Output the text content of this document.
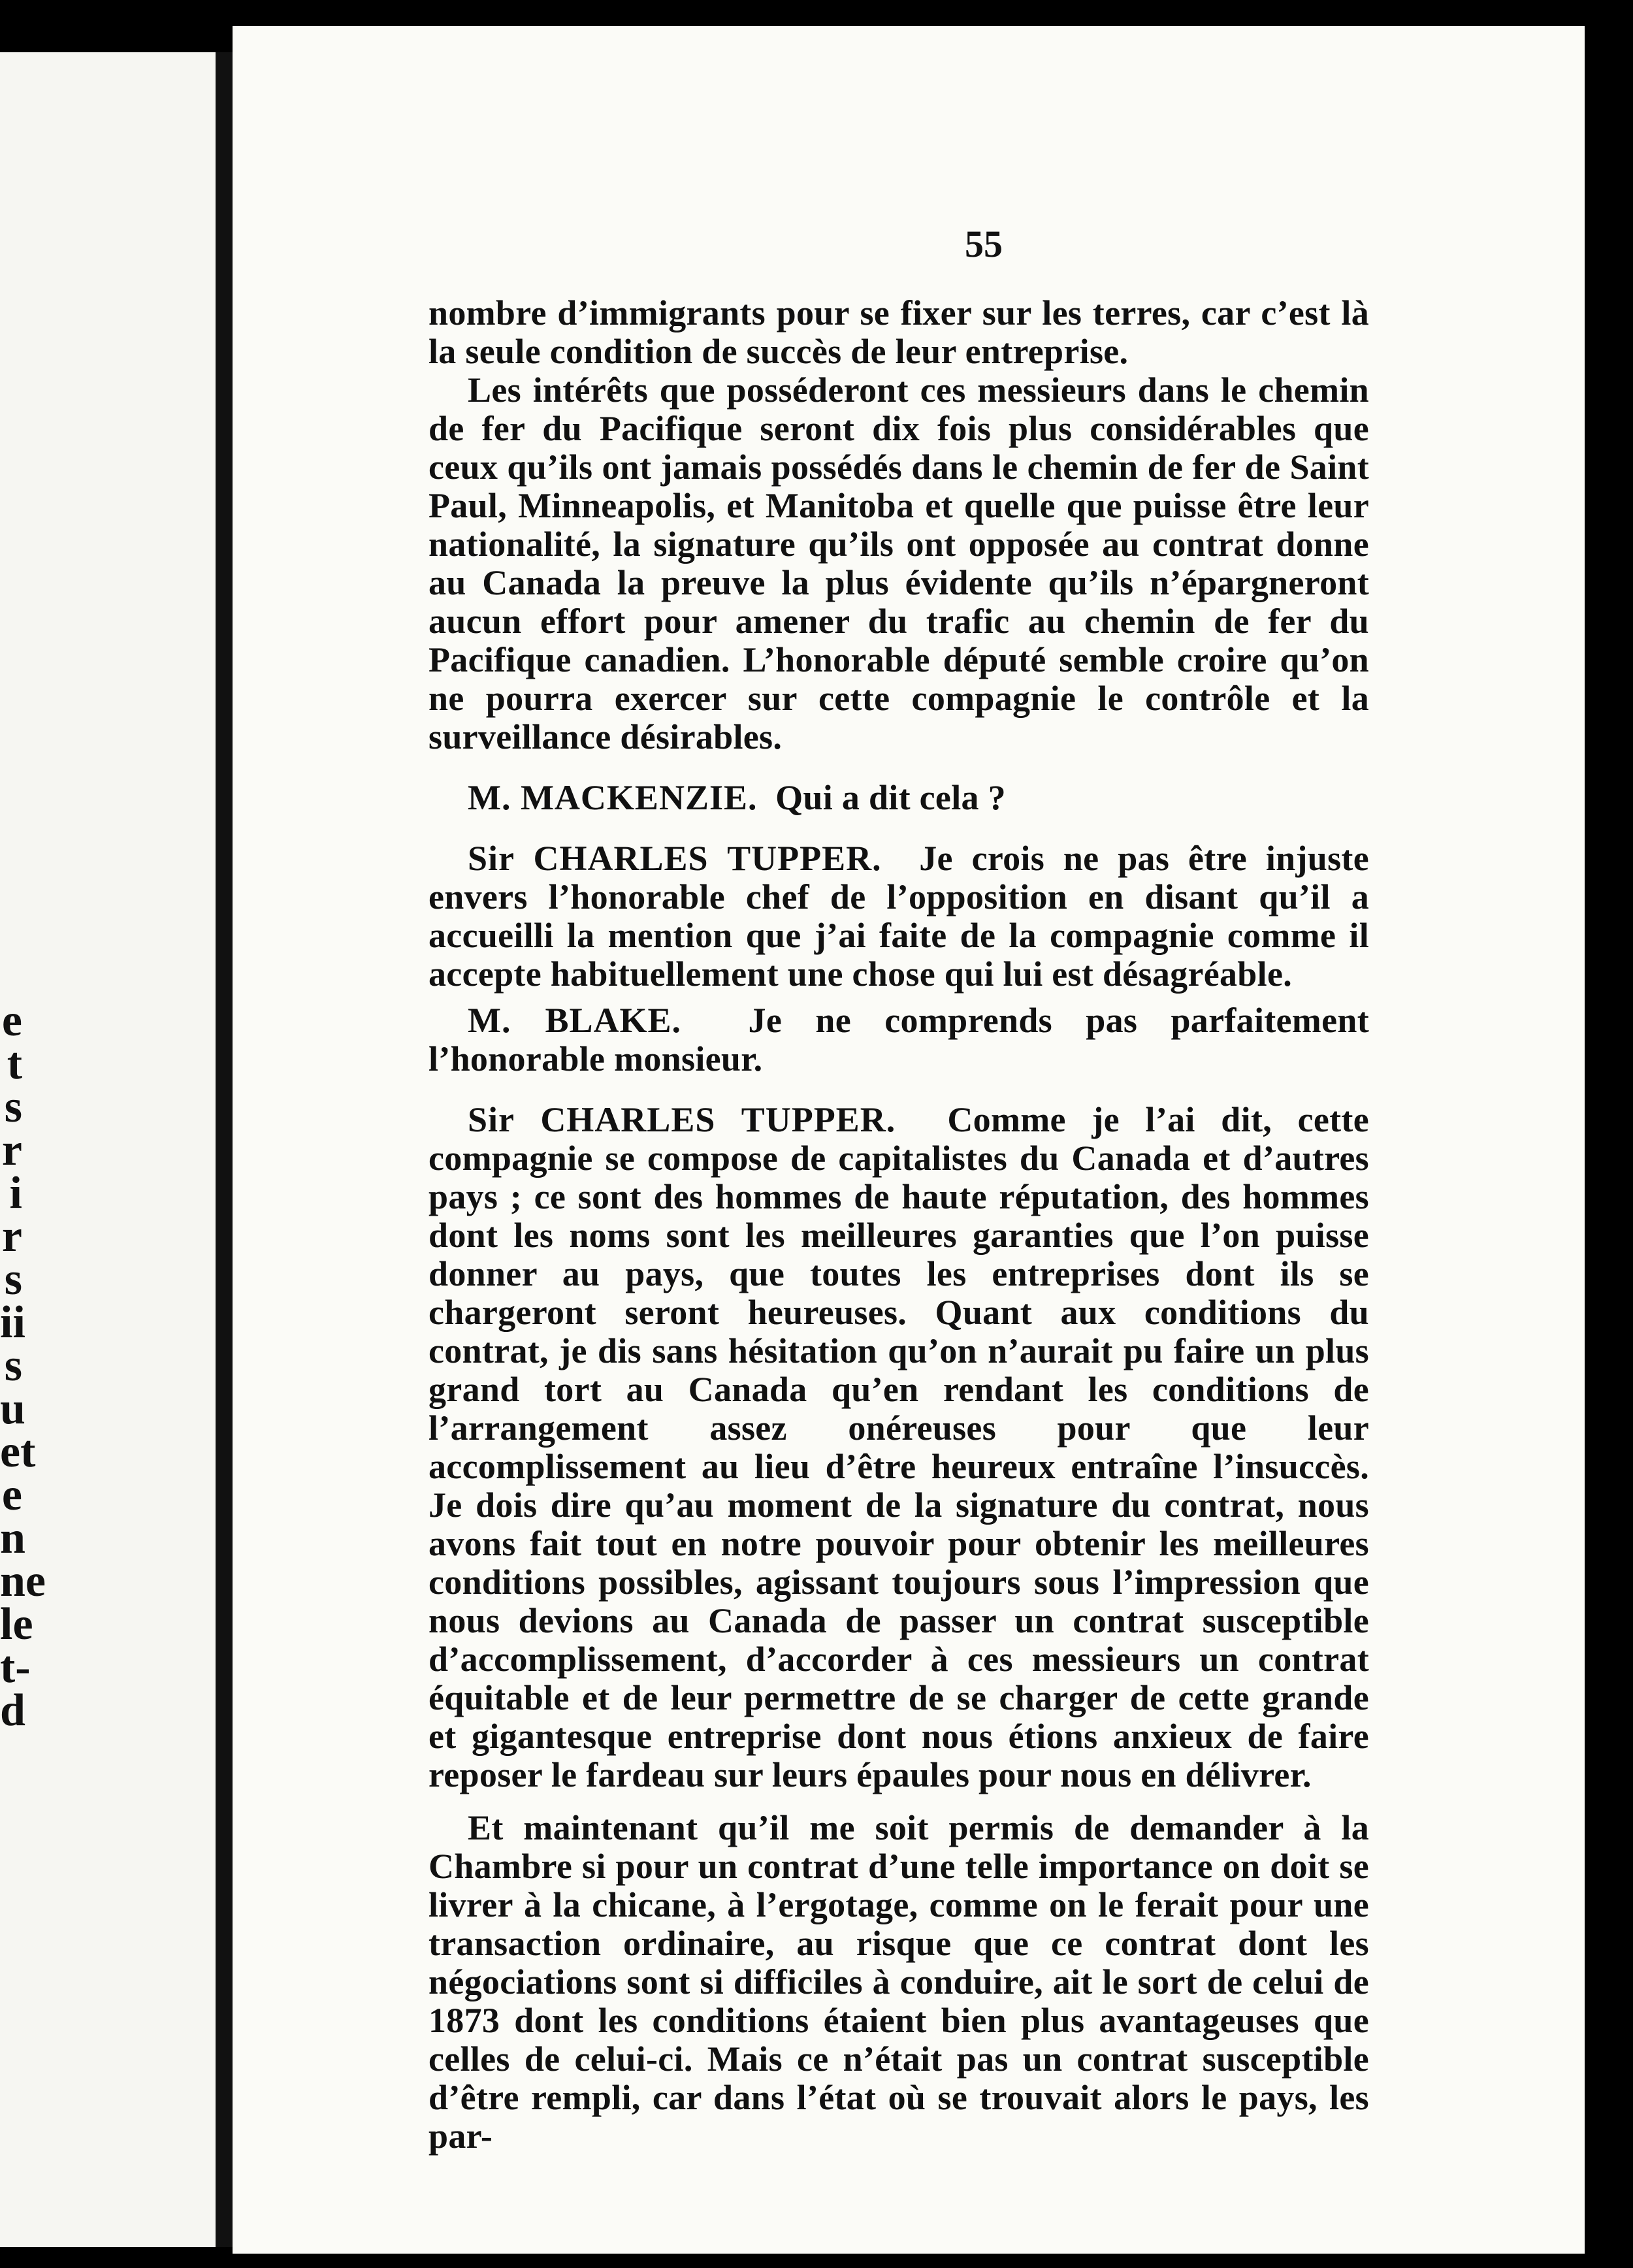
e
t
s
r
i
r
s
ii
s
u
et
e
n
ne
le
t-
d
55

nombre d’immigrants pour se fixer sur les terres, car c’est là la seule condition de succès de leur entreprise.

Les intérêts que posséderont ces messieurs dans le chemin de fer du Pacifique seront dix fois plus considérables que ceux qu’ils ont jamais possédés dans le chemin de fer de Saint Paul, Minneapolis, et Manitoba et quelle que puisse être leur nationalité, la signature qu’ils ont opposée au contrat donne au Canada la preuve la plus évidente qu’ils n’épargneront aucun effort pour amener du trafic au chemin de fer du Pacifique canadien. L’honorable député semble croire qu’on ne pourra exercer sur cette compagnie le contrôle et la surveillance désirables.

M. MACKENZIE. Qui a dit cela ?

Sir CHARLES TUPPER. Je crois ne pas être injuste envers l’honorable chef de l’opposition en disant qu’il a accueilli la mention que j’ai faite de la compagnie comme il accepte habituellement une chose qui lui est désagréable.

M. BLAKE. Je ne comprends pas parfaitement l’honorable monsieur.

Sir CHARLES TUPPER. Comme je l’ai dit, cette compagnie se compose de capitalistes du Canada et d’autres pays ; ce sont des hommes de haute réputation, des hommes dont les noms sont les meilleures garanties que l’on puisse donner au pays, que toutes les entreprises dont ils se chargeront seront heureuses. Quant aux conditions du contrat, je dis sans hésitation qu’on n’aurait pu faire un plus grand tort au Canada qu’en rendant les conditions de l’arrangement assez onéreuses pour que leur accomplissement au lieu d’être heureux entraîne l’insuccès. Je dois dire qu’au moment de la signature du contrat, nous avons fait tout en notre pouvoir pour obtenir les meilleures conditions possibles, agissant toujours sous l’impression que nous devions au Canada de passer un contrat susceptible d’accomplissement, d’accorder à ces messieurs un contrat équitable et de leur permettre de se charger de cette grande et gigantesque entreprise dont nous étions anxieux de faire reposer le fardeau sur leurs épaules pour nous en délivrer.

Et maintenant qu’il me soit permis de demander à la Chambre si pour un contrat d’une telle importance on doit se livrer à la chicane, à l’ergotage, comme on le ferait pour une transaction ordinaire, au risque que ce contrat dont les négociations sont si difficiles à conduire, ait le sort de celui de 1873 dont les conditions étaient bien plus avantageuses que celles de celui-ci. Mais ce n’était pas un contrat susceptible d’être rempli, car dans l’état où se trouvait alors le pays, les par-
